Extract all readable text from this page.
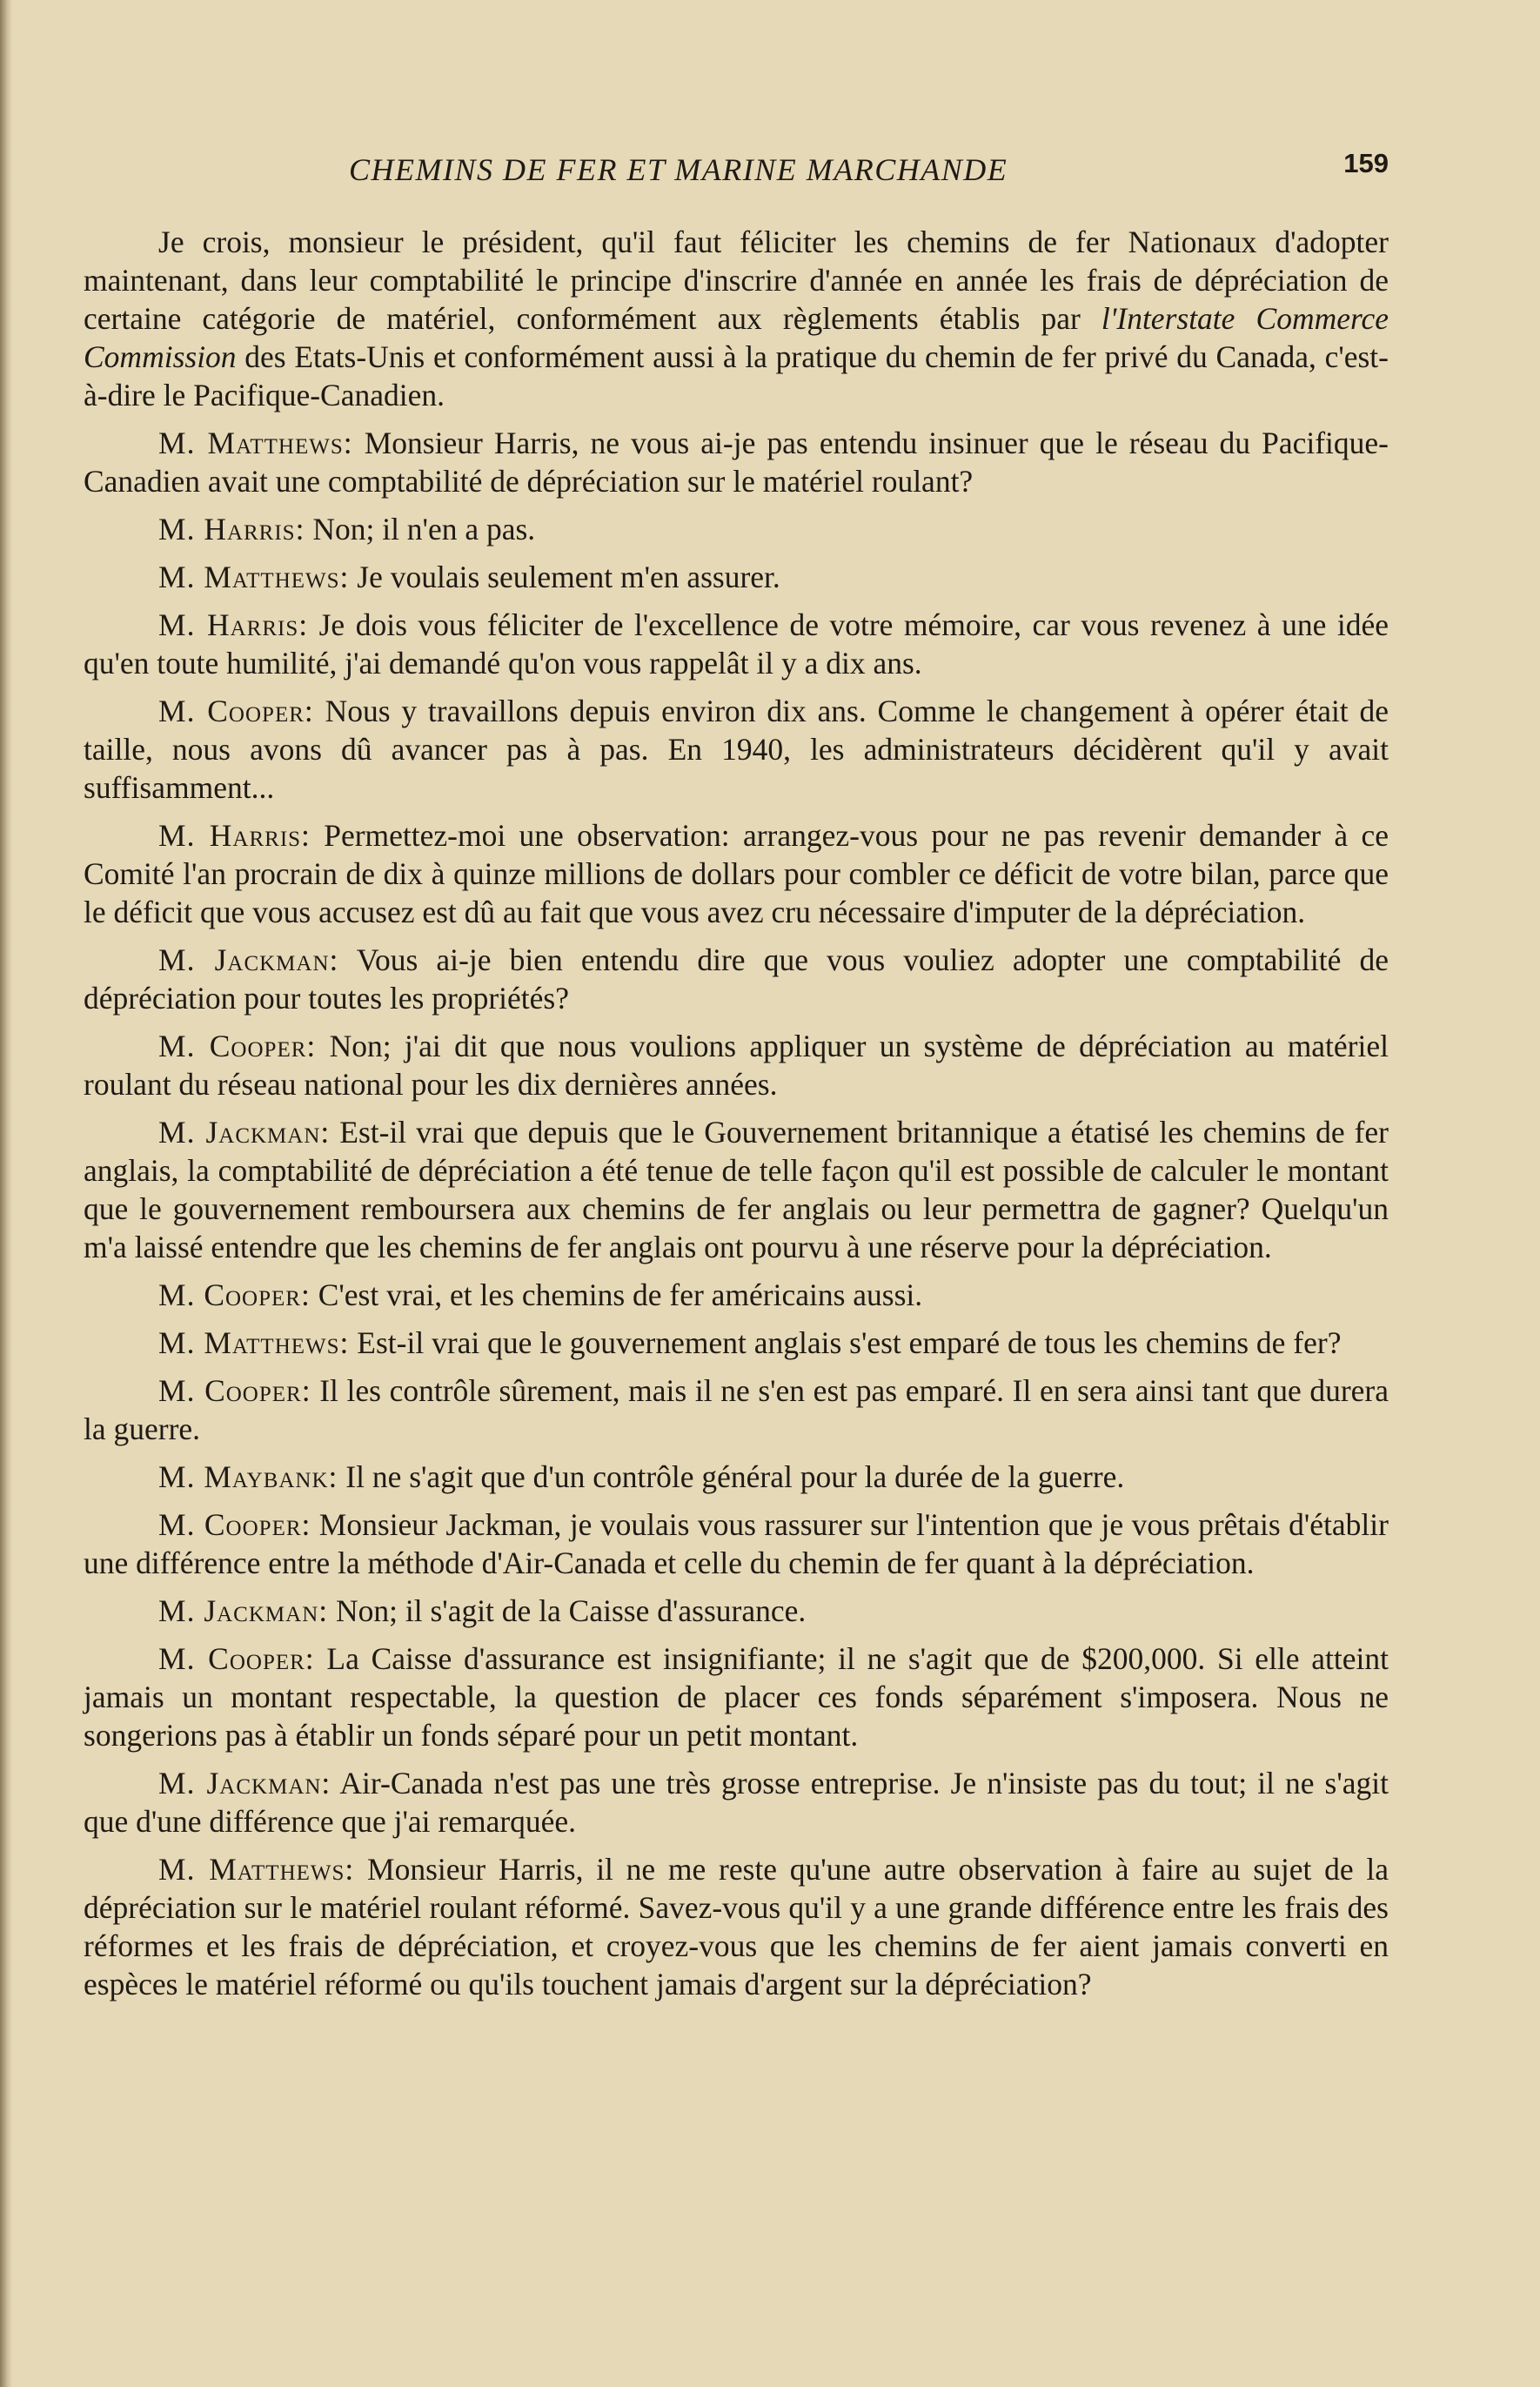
CHEMINS DE FER ET MARINE MARCHANDE	159

Je crois, monsieur le président, qu'il faut féliciter les chemins de fer Nationaux d'adopter maintenant, dans leur comptabilité le principe d'inscrire d'année en année les frais de dépréciation de certaine catégorie de matériel, conformément aux règlements établis par l'Interstate Commerce Commission des Etats-Unis et conformément aussi à la pratique du chemin de fer privé du Canada, c'est-à-dire le Pacifique-Canadien.

M. Matthews: Monsieur Harris, ne vous ai-je pas entendu insinuer que le réseau du Pacifique-Canadien avait une comptabilité de dépréciation sur le matériel roulant?

M. Harris: Non; il n'en a pas.

M. Matthews: Je voulais seulement m'en assurer.

M. Harris: Je dois vous féliciter de l'excellence de votre mémoire, car vous revenez à une idée qu'en toute humilité, j'ai demandé qu'on vous rappelât il y a dix ans.

M. Cooper: Nous y travaillons depuis environ dix ans. Comme le changement à opérer était de taille, nous avons dû avancer pas à pas. En 1940, les administrateurs décidèrent qu'il y avait suffisamment...

M. Harris: Permettez-moi une observation: arrangez-vous pour ne pas revenir demander à ce Comité l'an procrain de dix à quinze millions de dollars pour combler ce déficit de votre bilan, parce que le déficit que vous accusez est dû au fait que vous avez cru nécessaire d'imputer de la dépréciation.

M. Jackman: Vous ai-je bien entendu dire que vous vouliez adopter une comptabilité de dépréciation pour toutes les propriétés?

M. Cooper: Non; j'ai dit que nous voulions appliquer un système de dépréciation au matériel roulant du réseau national pour les dix dernières années.

M. Jackman: Est-il vrai que depuis que le Gouvernement britannique a étatisé les chemins de fer anglais, la comptabilité de dépréciation a été tenue de telle façon qu'il est possible de calculer le montant que le gouvernement remboursera aux chemins de fer anglais ou leur permettra de gagner? Quelqu'un m'a laissé entendre que les chemins de fer anglais ont pourvu à une réserve pour la dépréciation.

M. Cooper: C'est vrai, et les chemins de fer américains aussi.

M. Matthews: Est-il vrai que le gouvernement anglais s'est emparé de tous les chemins de fer?

M. Cooper: Il les contrôle sûrement, mais il ne s'en est pas emparé. Il en sera ainsi tant que durera la guerre.

M. Maybank: Il ne s'agit que d'un contrôle général pour la durée de la guerre.

M. Cooper: Monsieur Jackman, je voulais vous rassurer sur l'intention que je vous prêtais d'établir une différence entre la méthode d'Air-Canada et celle du chemin de fer quant à la dépréciation.

M. Jackman: Non; il s'agit de la Caisse d'assurance.

M. Cooper: La Caisse d'assurance est insignifiante; il ne s'agit que de $200,000. Si elle atteint jamais un montant respectable, la question de placer ces fonds séparément s'imposera. Nous ne songerions pas à établir un fonds séparé pour un petit montant.

M. Jackman: Air-Canada n'est pas une très grosse entreprise. Je n'insiste pas du tout; il ne s'agit que d'une différence que j'ai remarquée.

M. Matthews: Monsieur Harris, il ne me reste qu'une autre observation à faire au sujet de la dépréciation sur le matériel roulant réformé. Savez-vous qu'il y a une grande différence entre les frais des réformes et les frais de dépréciation, et croyez-vous que les chemins de fer aient jamais converti en espèces le matériel réformé ou qu'ils touchent jamais d'argent sur la dépréciation?
